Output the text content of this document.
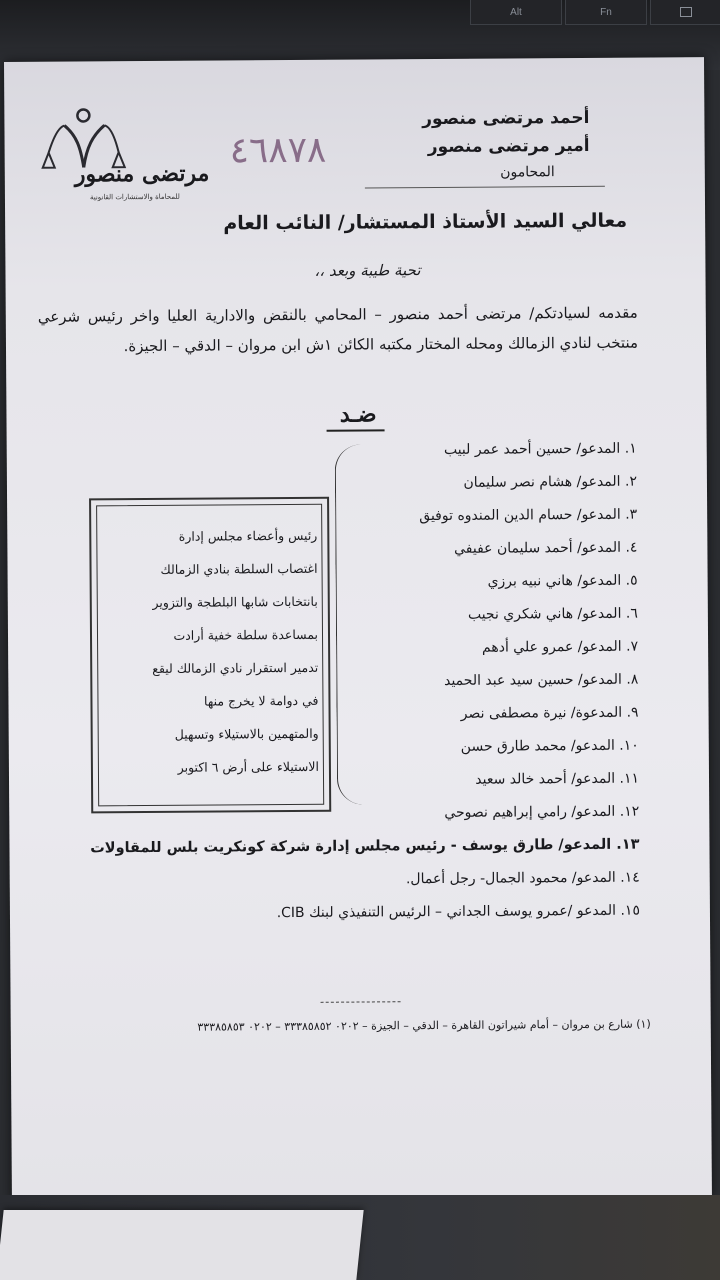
Alt	Fn
مرتضى منصور
للمحاماة والاستشارات القانونية
٤٦٨٧٨
أحمد مرتضى منصور
أمير مرتضى منصور
المحامون
معالي السيد الأستاذ المستشار/ النائب العام
تحية طيبة وبعد ،،
مقدمه لسيادتكم/ مرتضى أحمد منصور – المحامي بالنقض والادارية العليا واخر رئيس شرعي منتخب لنادي الزمالك ومحله المختار مكتبه الكائن ١ش ابن مروان – الدقي – الجيزة.
ضـد
١. المدعو/ حسين أحمد عمر لبيب
٢. المدعو/ هشام نصر سليمان
٣. المدعو/ حسام الدين المندوه توفيق
٤. المدعو/ أحمد سليمان عفيفي
٥. المدعو/ هاني نبيه برزي
٦. المدعو/ هاني شكري نجيب
٧. المدعو/ عمرو علي أدهم
٨. المدعو/ حسين سيد عبد الحميد
٩. المدعوة/ نيرة مصطفى نصر
١٠. المدعو/ محمد طارق حسن
١١. المدعو/ أحمد خالد سعيد
١٢. المدعو/ رامي إبراهيم نصوحي
١٣. المدعو/ طارق يوسف - رئيس مجلس إدارة شركة كونكريت بلس للمقاولات
١٤. المدعو/ محمود الجمال- رجل أعمال.
١٥. المدعو /عمرو يوسف الجداني – الرئيس التنفيذي لبنك CIB.
رئيس وأعضاء مجلس إدارة
اغتصاب السلطة بنادي الزمالك
بانتخابات شابها البلطجة والتزوير
بمساعدة سلطة خفية أرادت
تدمير استقرار نادي الزمالك ليقع
في دوامة لا يخرج منها
والمتهمين بالاستيلاء وتسهيل
الاستيلاء على أرض ٦ اكتوبر
(١) شارع بن مروان – أمام شيراتون القاهرة – الدقي – الجيزة – ٠٢٠٢ ٣٣٣٨٥٨٥٢ – ٠٢٠٢ ٣٣٣٨٥٨٥٣
